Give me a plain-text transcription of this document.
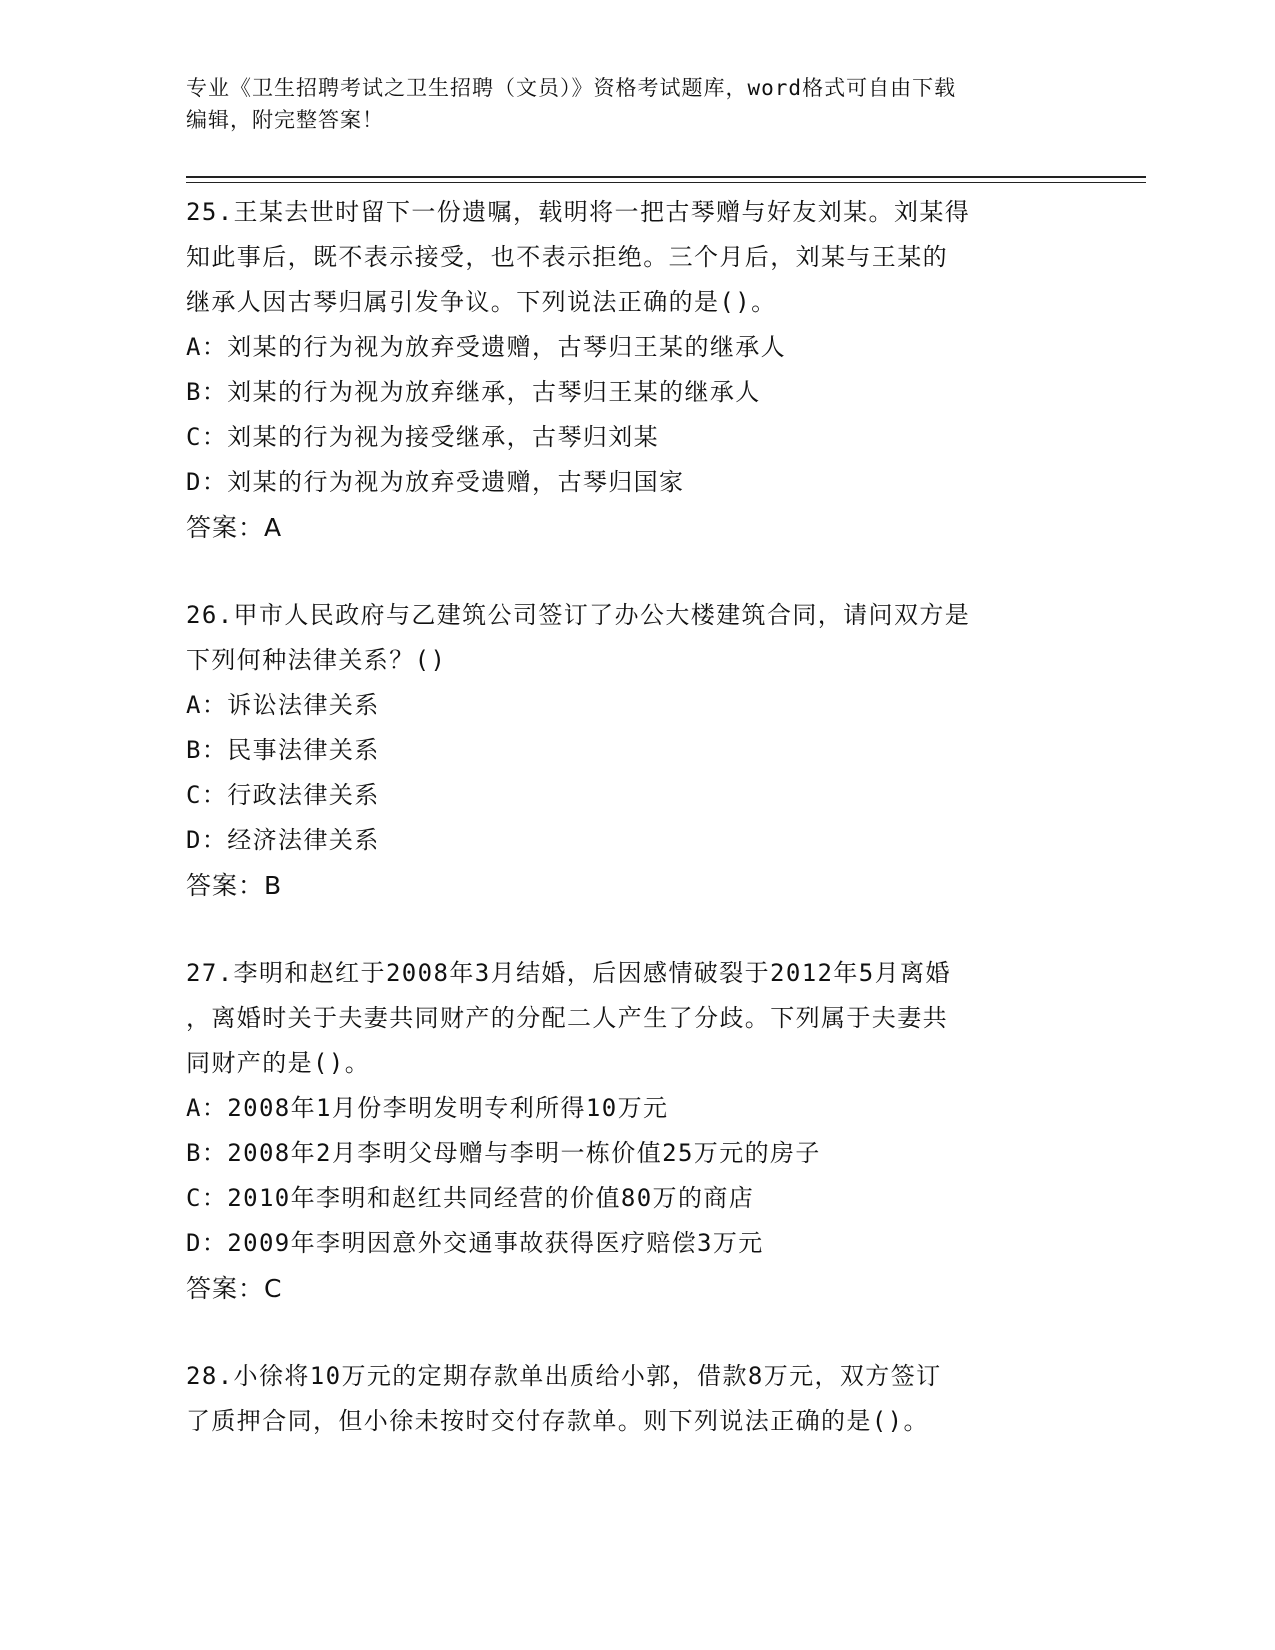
专业《卫生招聘考试之卫生招聘（文员）》资格考试题库，word格式可自由下载
编辑，附完整答案！
25.王某去世时留下一份遗嘱，载明将一把古琴赠与好友刘某。刘某得
知此事后，既不表示接受，也不表示拒绝。三个月后，刘某与王某的
继承人因古琴归属引发争议。下列说法正确的是()。
A：刘某的行为视为放弃受遗赠，古琴归王某的继承人
B：刘某的行为视为放弃继承，古琴归王某的继承人
C：刘某的行为视为接受继承，古琴归刘某
D：刘某的行为视为放弃受遗赠，古琴归国家
答案：A
26.甲市人民政府与乙建筑公司签订了办公大楼建筑合同，请问双方是
下列何种法律关系？()
A：诉讼法律关系
B：民事法律关系
C：行政法律关系
D：经济法律关系
答案：B
27.李明和赵红于2008年3月结婚，后因感情破裂于2012年5月离婚
，离婚时关于夫妻共同财产的分配二人产生了分歧。下列属于夫妻共
同财产的是()。
A：2008年1月份李明发明专利所得10万元
B：2008年2月李明父母赠与李明一栋价值25万元的房子
C：2010年李明和赵红共同经营的价值80万的商店
D：2009年李明因意外交通事故获得医疗赔偿3万元
答案：C
28.小徐将10万元的定期存款单出质给小郭，借款8万元，双方签订
了质押合同，但小徐未按时交付存款单。则下列说法正确的是()。
